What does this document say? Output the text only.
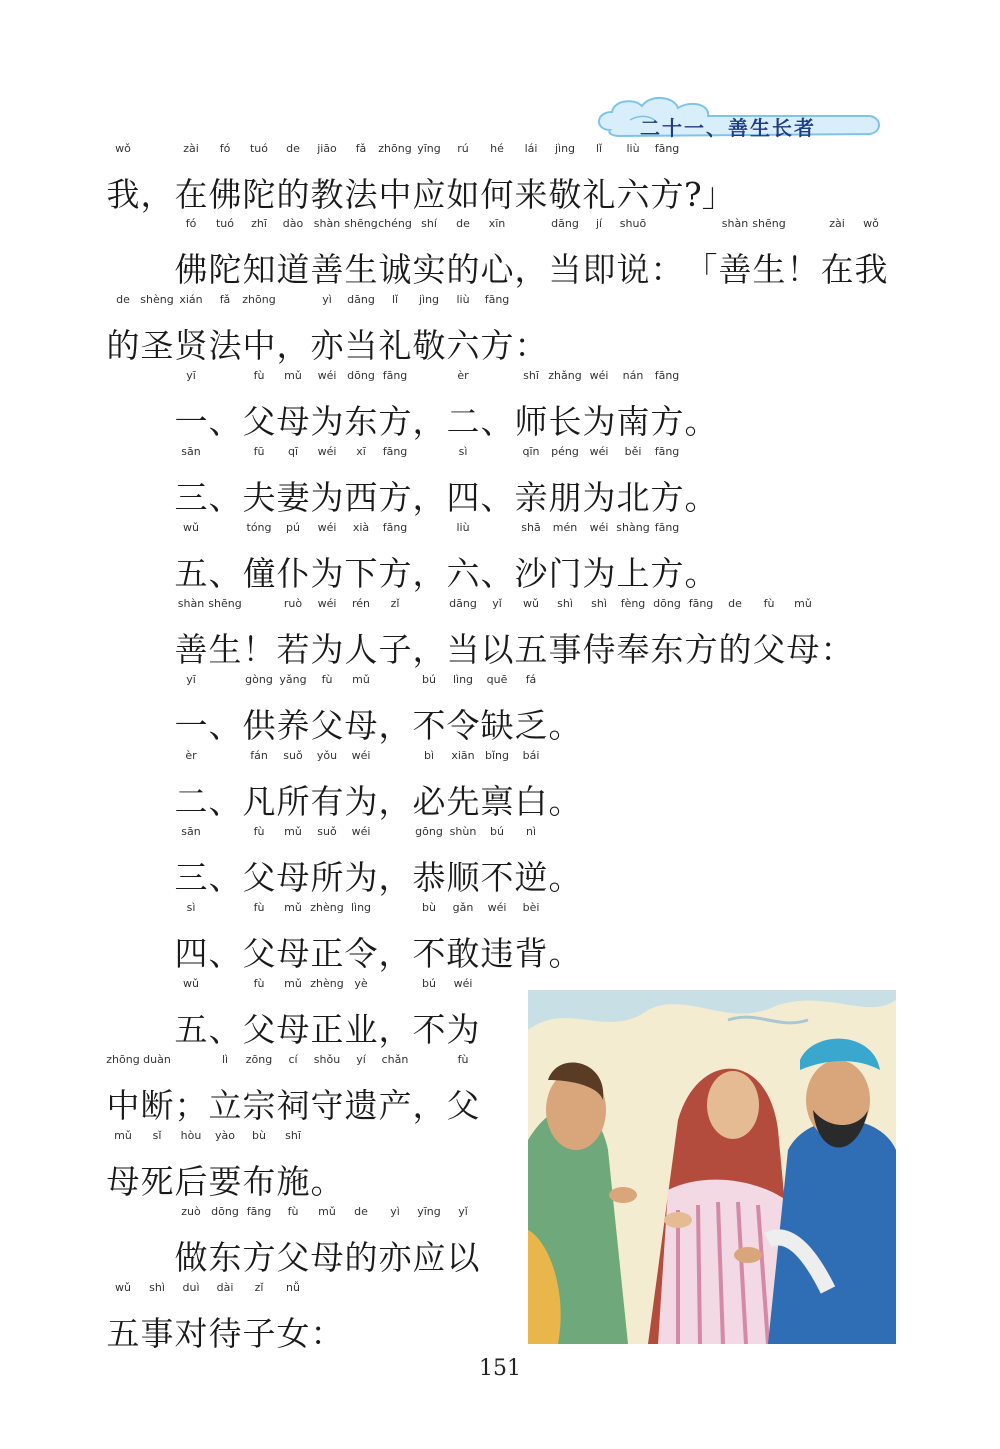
二十一、善生长者
我
wǒ
，在
zài
佛
fó
陀
tuó
的
de
教
jiāo
法
fǎ
中
zhōng
应
yīng
如
rú
何
hé
来
lái
敬
jìng
礼
lǐ
六
liù
方
fāng
?」
佛
fó
陀
tuó
知
zhī
道
dào
善
shàn
生
shēng
诚
chéng
实
shí
的
de
心
xīn
，当
dāng
即
jí
说
shuō
：「善
shàn
生
shēng
！在
zài
我
wǒ
的
de
圣
shèng
贤
xián
法
fǎ
中
zhōng
，亦
yì
当
dāng
礼
lǐ
敬
jìng
六
liù
方
fāng
：
一
yī
、父
fù
母
mǔ
为
wéi
东
dōng
方
fāng
，二
èr
、师
shī
长
zhǎng
为
wéi
南
nán
方
fāng
。
三
sān
、夫
fū
妻
qī
为
wéi
西
xī
方
fāng
，四
sì
、亲
qīn
朋
péng
为
wéi
北
běi
方
fāng
。
五
wǔ
、僮
tóng
仆
pú
为
wéi
下
xià
方
fāng
，六
liù
、沙
shā
门
mén
为
wéi
上
shàng
方
fāng
。
善
shàn
生
shēng
！若
ruò
为
wéi
人
rén
子
zǐ
，当
dāng
以
yǐ
五
wǔ
事
shì
侍
shì
奉
fèng
东
dōng
方
fāng
的
de
父
fù
母
mǔ
：
一
yī
、供
gòng
养
yǎng
父
fù
母
mǔ
，不
bú
令
lìng
缺
quē
乏
fá
。
二
èr
、凡
fán
所
suǒ
有
yǒu
为
wéi
，必
bì
先
xiān
禀
bǐng
白
bái
。
三
sān
、父
fù
母
mǔ
所
suǒ
为
wéi
，恭
gōng
顺
shùn
不
bú
逆
nì
。
四
sì
、父
fù
母
mǔ
正
zhèng
令
lìng
，不
bù
敢
gǎn
违
wéi
背
bèi
。
五
wǔ
、父
fù
母
mǔ
正
zhèng
业
yè
，不
bú
为
wéi
中
zhōng
断
duàn
；立
lì
宗
zōng
祠
cí
守
shǒu
遗
yí
产
chǎn
，父
fù
母
mǔ
死
sǐ
后
hòu
要
yào
布
bù
施
shī
。
做
zuò
东
dōng
方
fāng
父
fù
母
mǔ
的
de
亦
yì
应
yīng
以
yǐ
五
wǔ
事
shì
对
duì
待
dài
子
zǐ
女
nǚ
：
151
